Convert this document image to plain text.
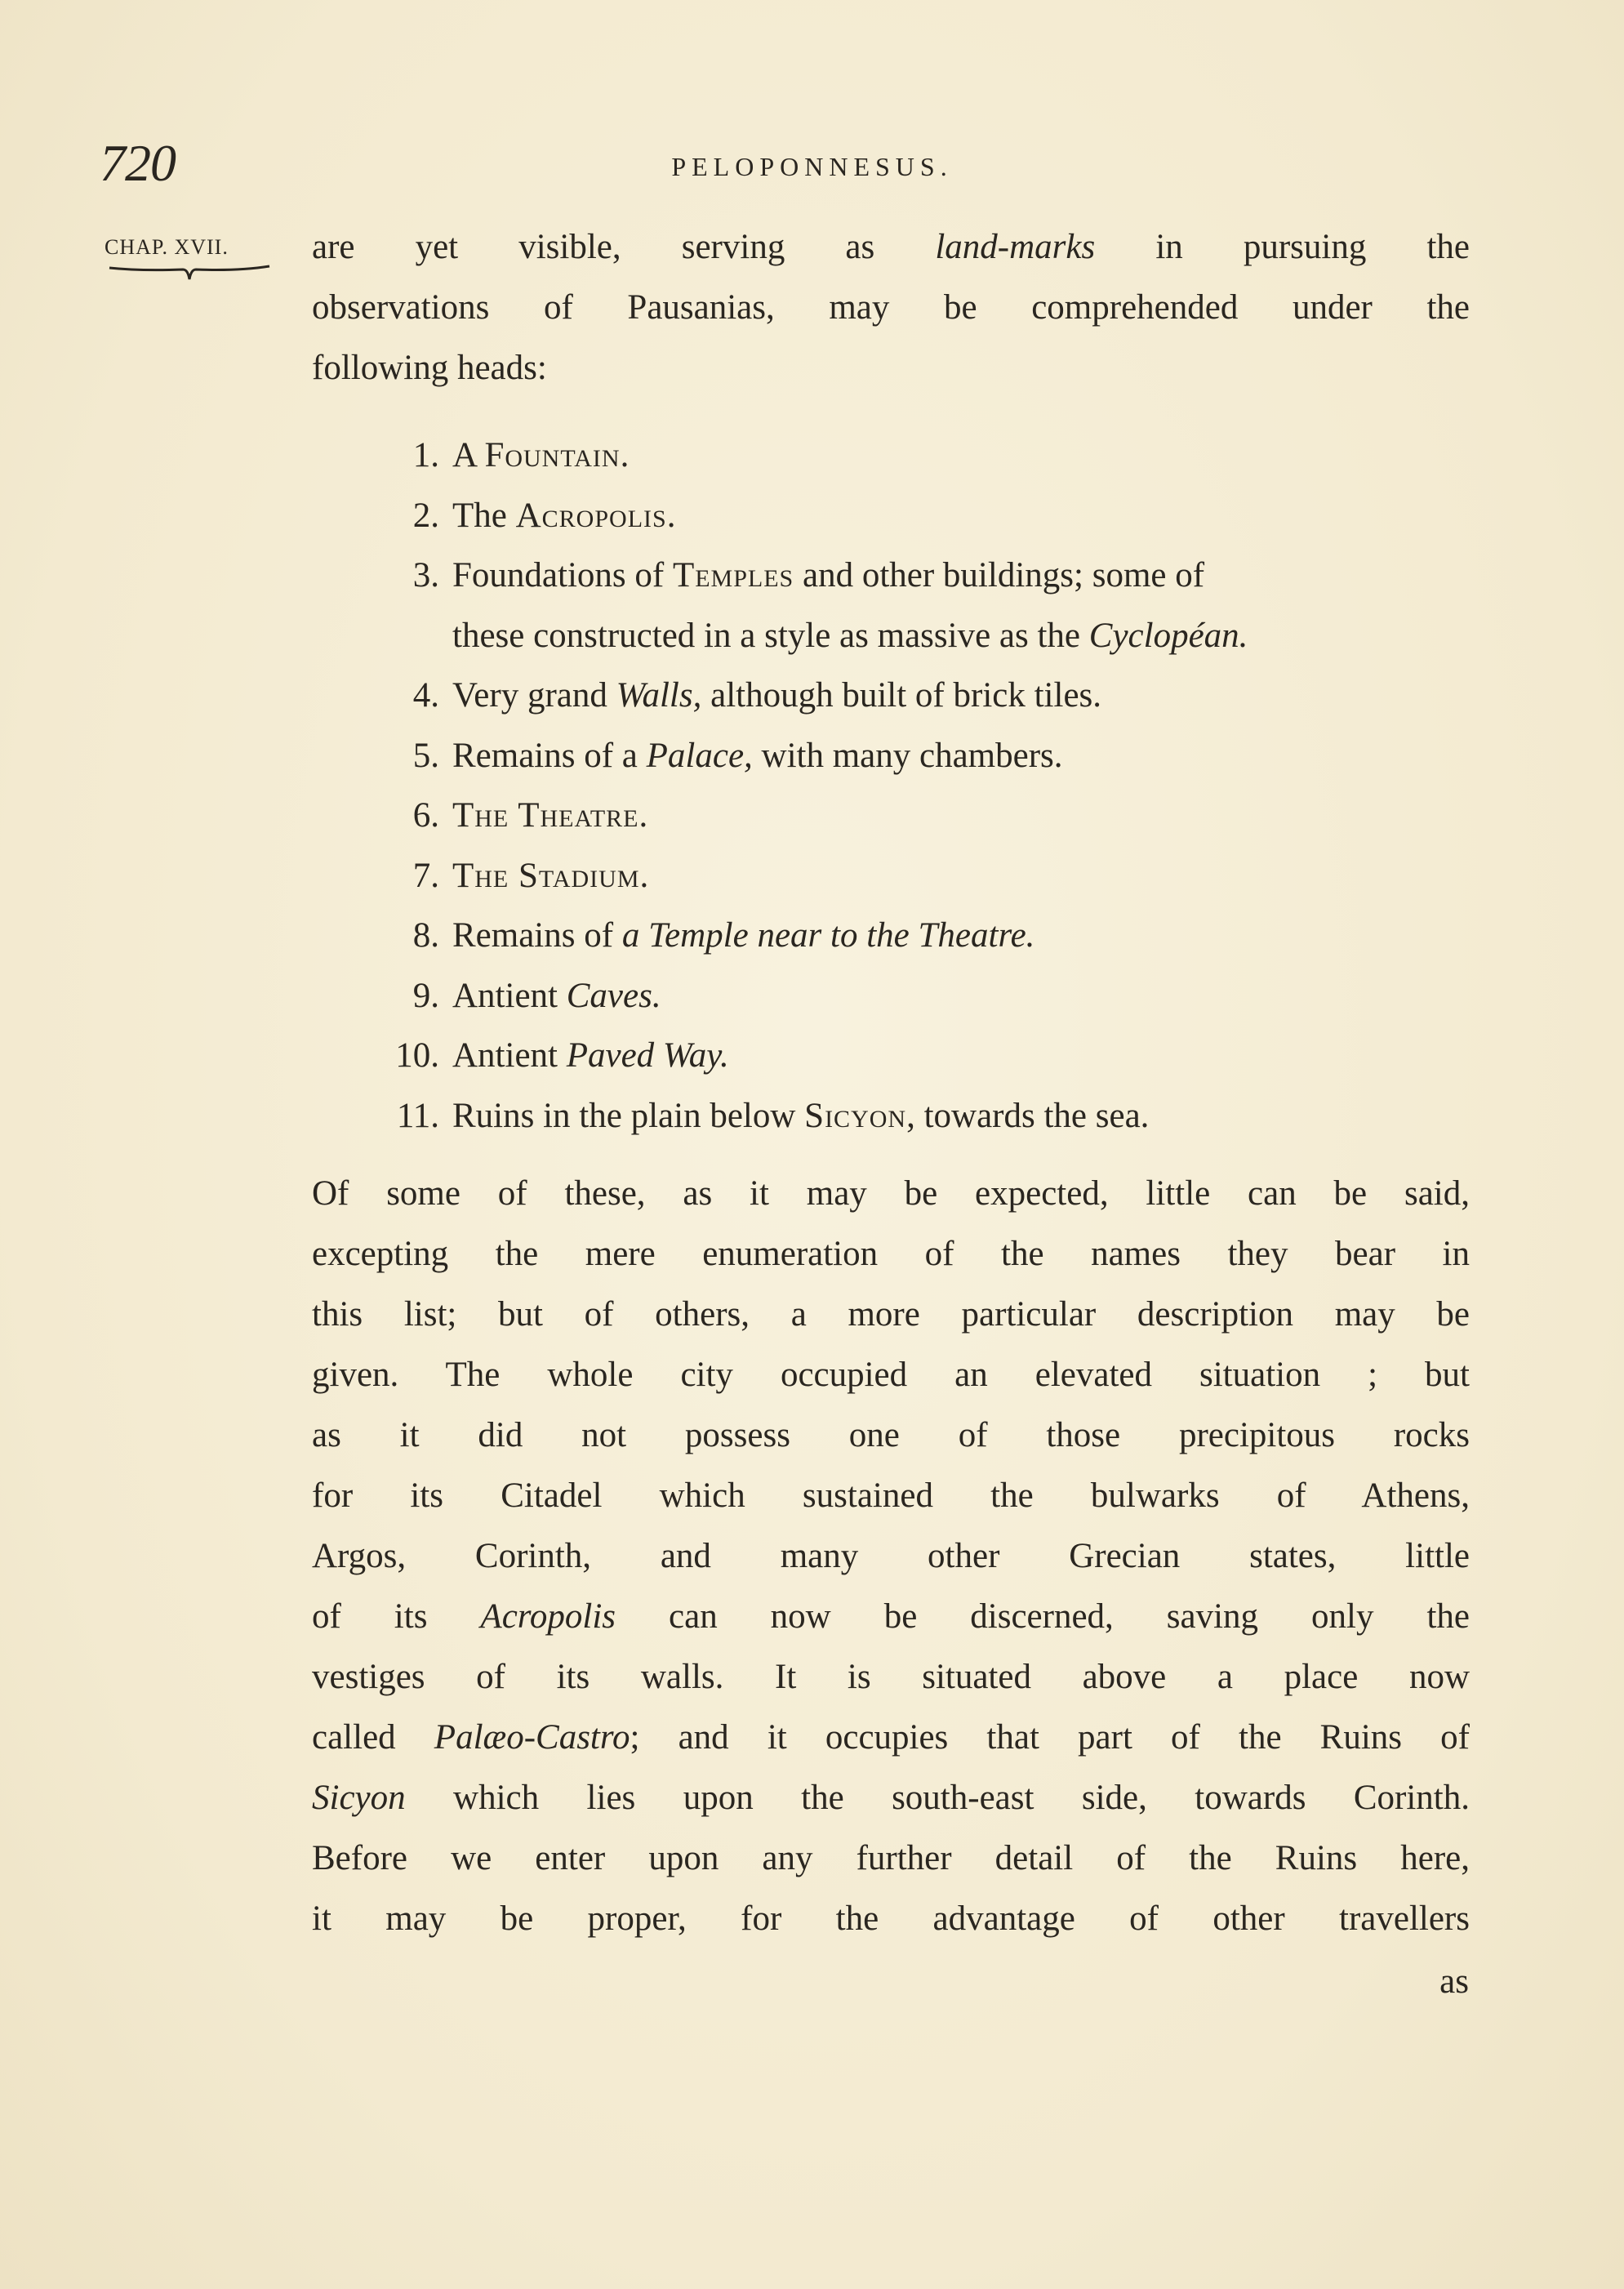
720	PELOPONNESUS.
CHAP. XVII. are yet visible, serving as land-marks in pursuing the
observations of Pausanias, may be comprehended under the
following heads:
1. A Fountain.
2. The Acropolis.
3. Foundations of Temples and other buildings; some of
these constructed in a style as massive as the Cyclopéan.
4. Very grand Walls, although built of brick tiles.
5. Remains of a Palace, with many chambers.
6. The Theatre.
7. The Stadium.
8. Remains of a Temple near to the Theatre.
9. Antient Caves.
10. Antient Paved Way.
11. Ruins in the plain below Sicyon, towards the sea.
Of some of these, as it may be expected, little can be said,
excepting the mere enumeration of the names they bear in
this list; but of others, a more particular description may be
given. The whole city occupied an elevated situation ; but
as it did not possess one of those precipitous rocks
for its Citadel which sustained the bulwarks of Athens,
Argos, Corinth, and many other Grecian states, little
of its Acropolis can now be discerned, saving only the
vestiges of its walls. It is situated above a place now
called Palæo-Castro; and it occupies that part of the Ruins of
Sicyon which lies upon the south-east side, towards Corinth.
Before we enter upon any further detail of the Ruins here,
it may be proper, for the advantage of other travellers
as
